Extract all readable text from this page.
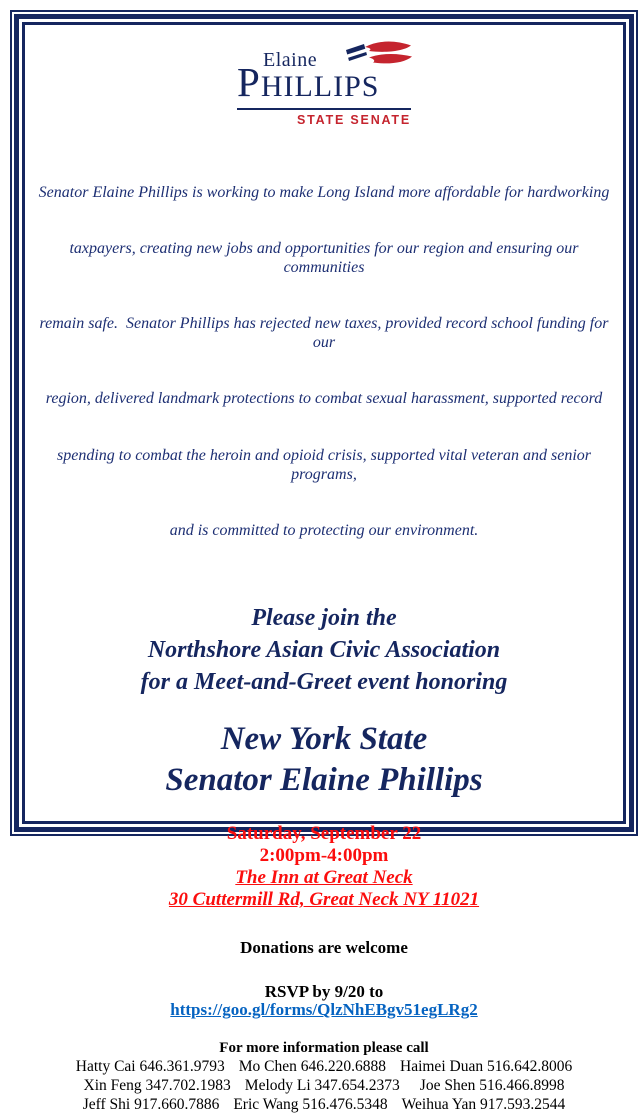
Elaine
PHILLIPS
STATE SENATE

Senator Elaine Phillips is working to make Long Island more affordable for hardworking

taxpayers, creating new jobs and opportunities for our region and ensuring our communities

remain safe.  Senator Phillips has rejected new taxes, provided record school funding for our

region, delivered landmark protections to combat sexual harassment, supported record

spending to combat the heroin and opioid crisis, supported vital veteran and senior programs,

and is committed to protecting our environment.

Please join the
Northshore Asian Civic Association
for a Meet-and-Greet event honoring
New York State
Senator Elaine Phillips
Saturday, September 22
2:00pm-4:00pm
The Inn at Great Neck
30 Cuttermill Rd, Great Neck NY 11021
Donations are welcome
RSVP by 9/20 to
https://goo.gl/forms/QlzNhEBgv51egLRg2
For more information please call
Hatty Cai 646.361.9793 Mo Chen 646.220.6888 Haimei Duan 516.642.8006
Xin Feng 347.702.1983 Melody Li 347.654.2373 Joe Shen 516.466.8998
Jeff Shi 917.660.7886 Eric Wang 516.476.5348 Weihua Yan 917.593.2544
